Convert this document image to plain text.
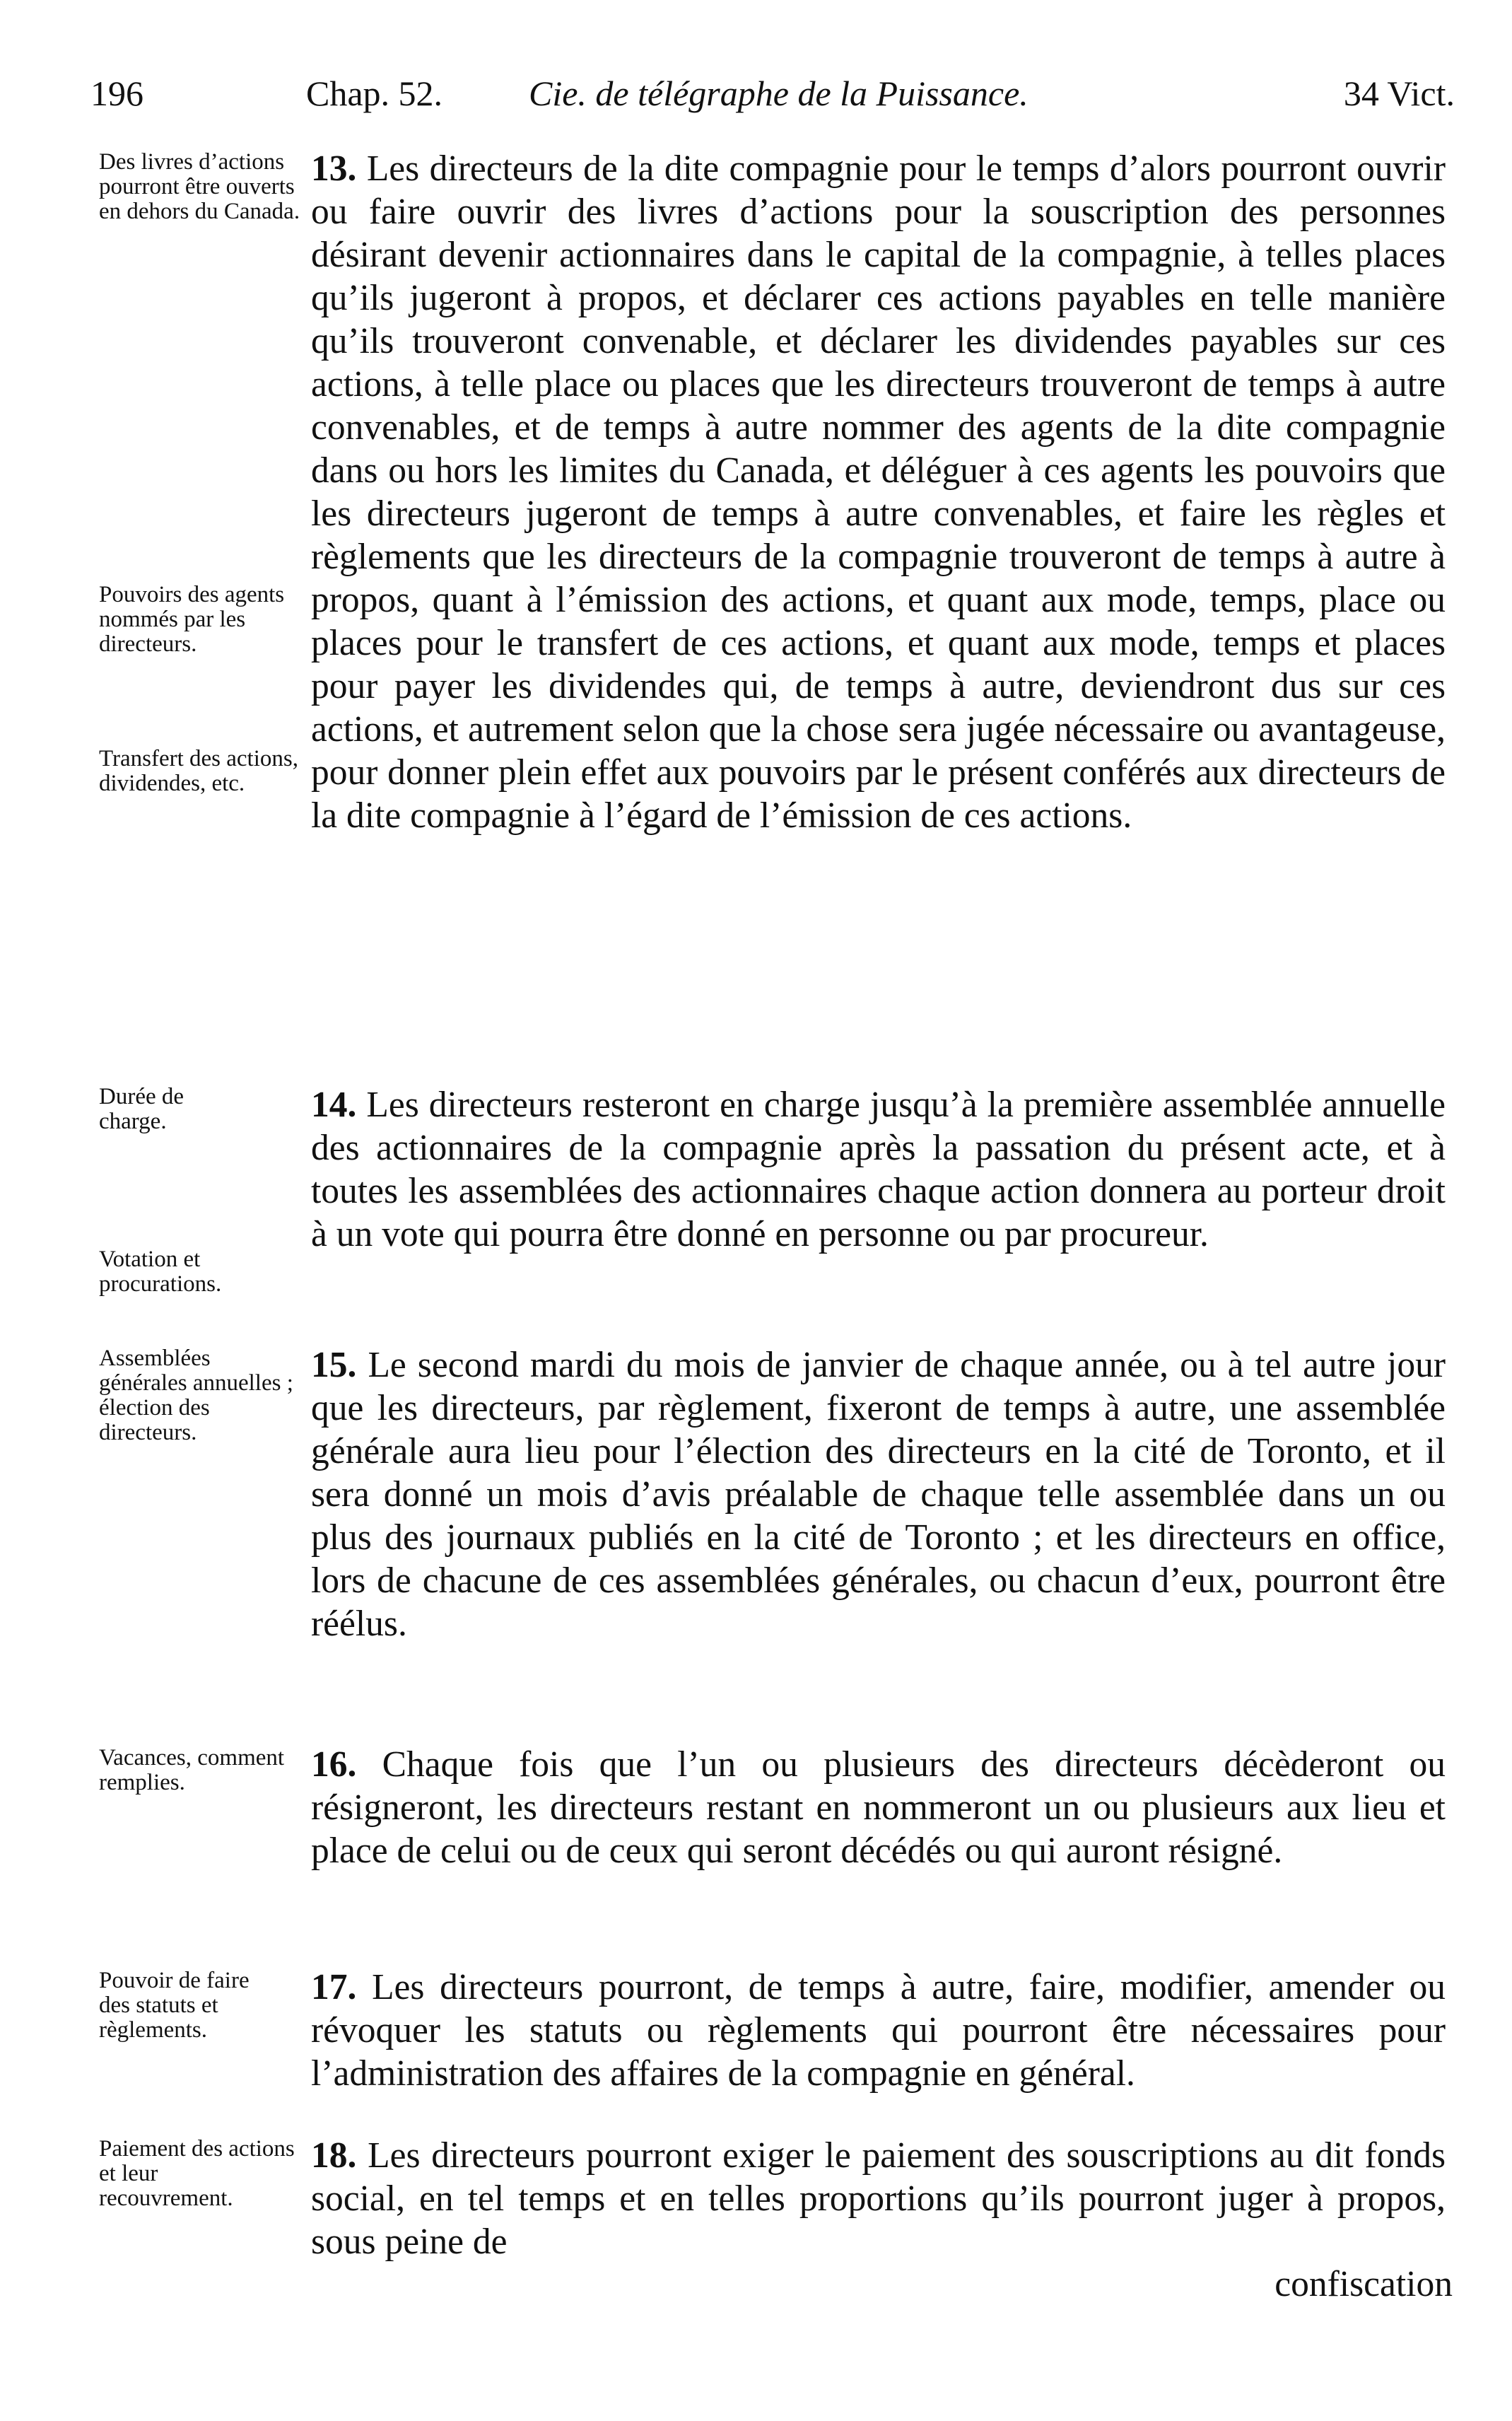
196	Chap. 52. Cie. de télégraphe de la Puissance.	34 Vict.
Des livres d’actions pourront être ouverts en dehors du Canada.
Pouvoirs des agents nommés par les directeurs.
Transfert des actions, dividendes, etc.
13. Les directeurs de la dite compagnie pour le temps d’alors pourront ouvrir ou faire ouvrir des livres d’actions pour la souscription des personnes désirant devenir actionnaires dans le capital de la compagnie, à telles places qu’ils jugeront à propos, et déclarer ces actions payables en telle manière qu’ils trouveront convenable, et déclarer les dividendes payables sur ces actions, à telle place ou places que les directeurs trouveront de temps à autre convenables, et de temps à autre nommer des agents de la dite compagnie dans ou hors les limites du Canada, et déléguer à ces agents les pouvoirs que les directeurs jugeront de temps à autre convenables, et faire les règles et règlements que les directeurs de la compagnie trouveront de temps à autre à propos, quant à l’émission des actions, et quant aux mode, temps, place ou places pour le transfert de ces actions, et quant aux mode, temps et places pour payer les dividendes qui, de temps à autre, deviendront dus sur ces actions, et autrement selon que la chose sera jugée nécessaire ou avantageuse, pour donner plein effet aux pouvoirs par le présent conférés aux directeurs de la dite compagnie à l’égard de l’émission de ces actions.
Durée de charge.
Votation et procurations.
14. Les directeurs resteront en charge jusqu’à la première assemblée annuelle des actionnaires de la compagnie après la passation du présent acte, et à toutes les assemblées des actionnaires chaque action donnera au porteur droit à un vote qui pourra être donné en personne ou par procureur.
Assemblées générales annuelles ; élection des directeurs.
15. Le second mardi du mois de janvier de chaque année, ou à tel autre jour que les directeurs, par règlement, fixeront de temps à autre, une assemblée générale aura lieu pour l’élection des directeurs en la cité de Toronto, et il sera donné un mois d’avis préalable de chaque telle assemblée dans un ou plus des journaux publiés en la cité de Toronto ; et les directeurs en office, lors de chacune de ces assemblées générales, ou chacun d’eux, pourront être réélus.
Vacances, comment remplies.	16. Chaque fois que l’un ou plusieurs des directeurs décèderont ou résigneront, les directeurs restant en nommeront un ou plusieurs aux lieu et place de celui ou de ceux qui seront décédés ou qui auront résigné.
Pouvoir de faire des statuts et règlements.
17. Les directeurs pourront, de temps à autre, faire, modifier, amender ou révoquer les statuts ou règlements qui pourront être nécessaires pour l’administration des affaires de la compagnie en général.
Paiement des actions et leur recouvrement.
18. Les directeurs pourront exiger le paiement des souscriptions au dit fonds social, en tel temps et en telles proportions qu’ils pourront juger à propos, sous peine de
confiscation
